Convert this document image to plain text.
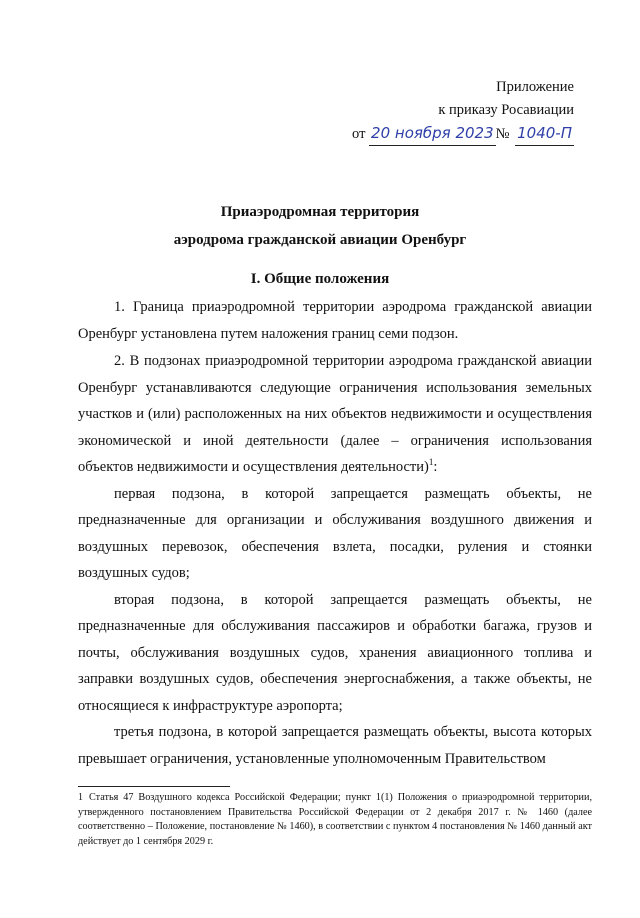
Приложение
к приказу Росавиации
от 20 ноября 2023 № 1040-П
Приаэродромная территория
аэродрома гражданской авиации Оренбург
I. Общие положения

1. Граница приаэродромной территории аэродрома гражданской авиации Оренбург установлена путем наложения границ семи подзон.

2. В подзонах приаэродромной территории аэродрома гражданской авиации Оренбург устанавливаются следующие ограничения использования земельных участков и (или) расположенных на них объектов недвижимости и осуществления экономической и иной деятельности (далее – ограничения использования объектов недвижимости и осуществления деятельности)$^1$:

первая подзона, в которой запрещается размещать объекты, не предназначенные для организации и обслуживания воздушного движения и воздушных перевозок, обеспечения взлета, посадки, руления и стоянки воздушных судов;

вторая подзона, в которой запрещается размещать объекты, не предназначенные для обслуживания пассажиров и обработки багажа, грузов и почты, обслуживания воздушных судов, хранения авиационного топлива и заправки воздушных судов, обеспечения энергоснабжения, а также объекты, не относящиеся к инфраструктуре аэропорта;

третья подзона, в которой запрещается размещать объекты, высота которых превышает ограничения, установленные уполномоченным Правительством

1 Статья 47 Воздушного кодекса Российской Федерации; пункт 1(1) Положения о приаэродромной территории, утвержденного постановлением Правительства Российской Федерации от 2 декабря 2017 г. № 1460 (далее соответственно – Положение, постановление № 1460), в соответствии с пунктом 4 постановления № 1460 данный акт действует до 1 сентября 2029 г.
